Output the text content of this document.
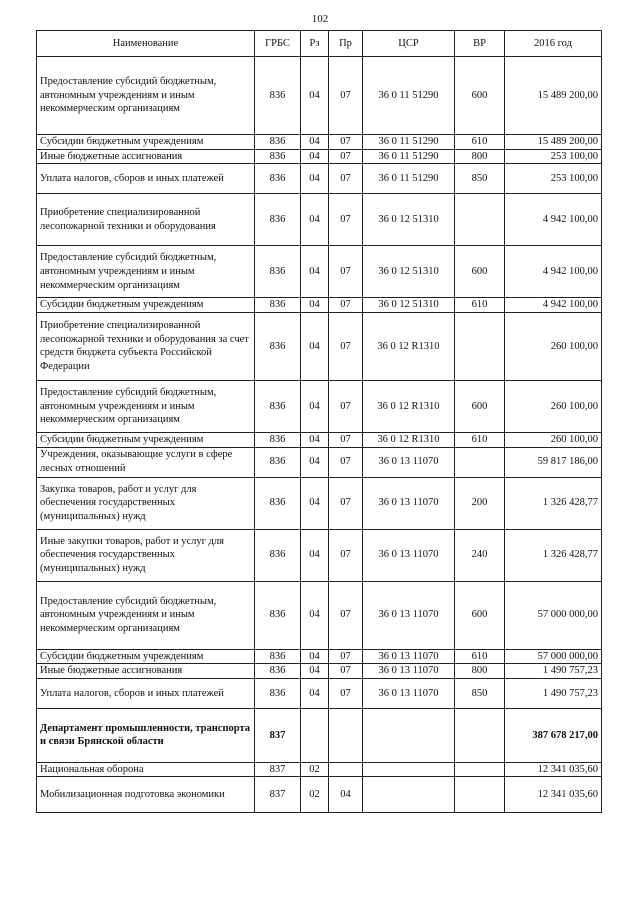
102
Наименование	ГРБС	Рз	Пр	ЦСР	ВР	2016 год
Предоставление субсидий бюджетным, автономным учреждениям и иным некоммерческим организациям	836	04	07	36 0 11 51290	600	15 489 200,00
Субсидии бюджетным учреждениям	836	04	07	36 0 11 51290	610	15 489 200,00
Иные бюджетные ассигнования	836	04	07	36 0 11 51290	800	253 100,00
Уплата налогов, сборов и иных платежей	836	04	07	36 0 11 51290	850	253 100,00
Приобретение специализированной лесопожарной техники и оборудования	836	04	07	36 0 12 51310		4 942 100,00
Предоставление субсидий бюджетным, автономным учреждениям и иным некоммерческим организациям	836	04	07	36 0 12 51310	600	4 942 100,00
Субсидии бюджетным учреждениям	836	04	07	36 0 12 51310	610	4 942 100,00
Приобретение специализированной лесопожарной техники и оборудования за счет средств бюджета субъекта Российской Федерации	836	04	07	36 0 12 R1310		260 100,00
Предоставление субсидий бюджетным, автономным учреждениям и иным некоммерческим организациям	836	04	07	36 0 12 R1310	600	260 100,00
Субсидии бюджетным учреждениям	836	04	07	36 0 12 R1310	610	260 100,00
Учреждения, оказывающие услуги в сфере лесных отношений	836	04	07	36 0 13 11070		59 817 186,00
Закупка товаров, работ и услуг для обеспечения государственных (муниципальных) нужд	836	04	07	36 0 13 11070	200	1 326 428,77
Иные закупки товаров, работ и услуг для обеспечения государственных (муниципальных) нужд	836	04	07	36 0 13 11070	240	1 326 428,77
Предоставление субсидий бюджетным, автономным учреждениям и иным некоммерческим организациям	836	04	07	36 0 13 11070	600	57 000 000,00
Субсидии бюджетным учреждениям	836	04	07	36 0 13 11070	610	57 000 000,00
Иные бюджетные ассигнования	836	04	07	36 0 13 11070	800	1 490 757,23
Уплата налогов, сборов и иных платежей	836	04	07	36 0 13 11070	850	1 490 757,23
Департамент промышленности, транспорта и связи Брянской области	837					387 678 217,00
Национальная оборона	837	02				12 341 035,60
Мобилизационная подготовка экономики	837	02	04			12 341 035,60
